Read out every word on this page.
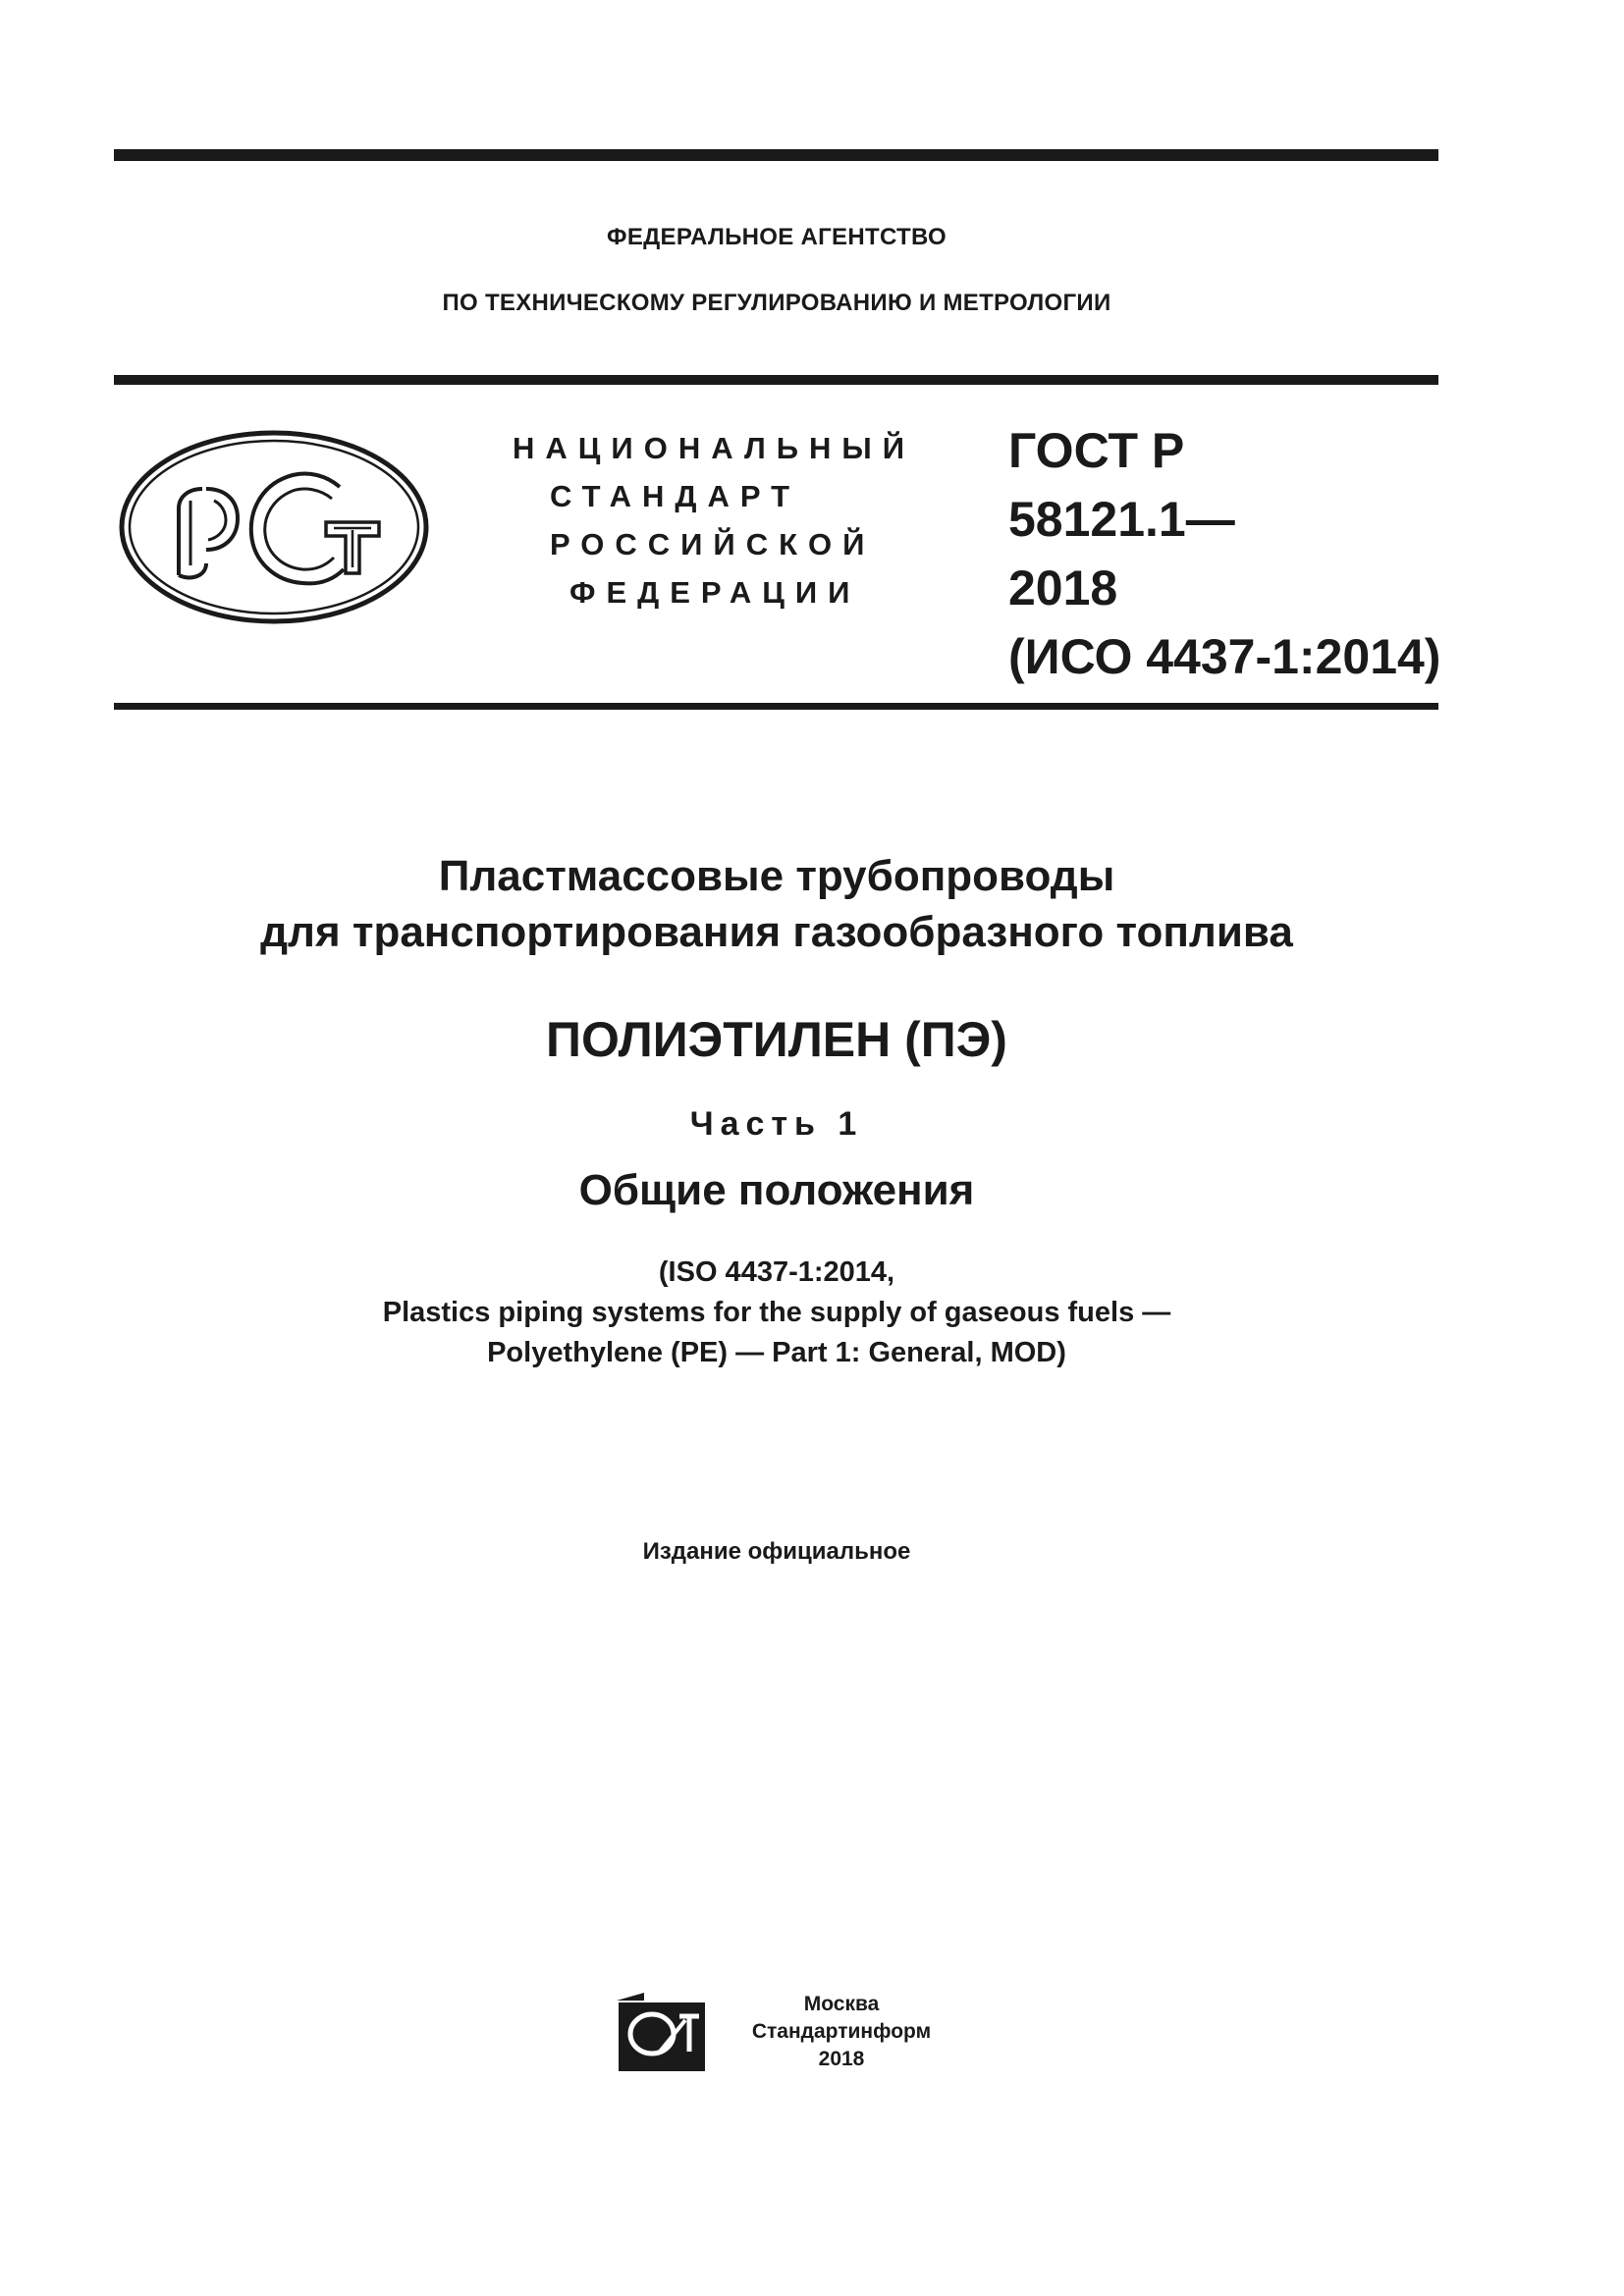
ФЕДЕРАЛЬНОЕ АГЕНТСТВО
ПО ТЕХНИЧЕСКОМУ РЕГУЛИРОВАНИЮ И МЕТРОЛОГИИ
НАЦИОНАЛЬНЫЙ
СТАНДАРТ
РОССИЙСКОЙ
ФЕДЕРАЦИИ
ГОСТ Р
58121.1—
2018
(ИСО 4437-1:2014)
Пластмассовые трубопроводы
для транспортирования газообразного топлива
ПОЛИЭТИЛЕН (ПЭ)
Часть 1
Общие положения
(ISO 4437-1:2014,
Plastics piping systems for the supply of gaseous fuels —
Polyethylene (PE) — Part 1: General, MOD)
Издание официальное
Москва
Стандартинформ
2018
